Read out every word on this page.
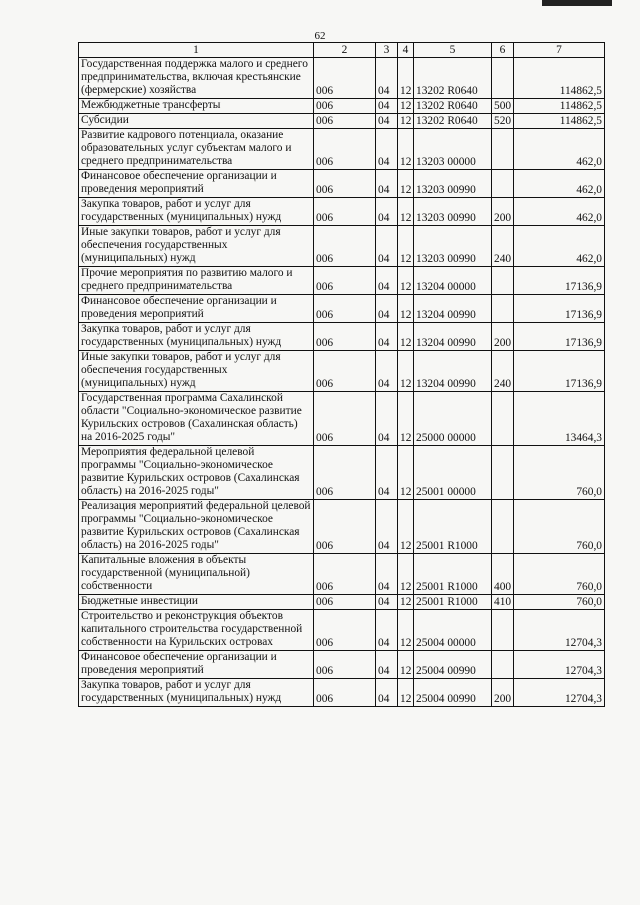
62
1	2	3	4	5	6	7
Государственная поддержка малого и среднего предпринимательства, включая крестьянские (фермерские) хозяйства	006	04	12	13202 R0640		114862,5
Межбюджетные трансферты	006	04	12	13202 R0640	500	114862,5
Субсидии	006	04	12	13202 R0640	520	114862,5
Развитие кадрового потенциала, оказание образовательных услуг субъектам малого и среднего предпринимательства	006	04	12	13203 00000		462,0
Финансовое обеспечение организации и проведения мероприятий	006	04	12	13203 00990		462,0
Закупка товаров, работ и услуг для государственных (муниципальных) нужд	006	04	12	13203 00990	200	462,0
Иные закупки товаров, работ и услуг для обеспечения государственных (муниципальных) нужд	006	04	12	13203 00990	240	462,0
Прочие мероприятия по развитию малого и среднего предпринимательства	006	04	12	13204 00000		17136,9
Финансовое обеспечение организации и проведения мероприятий	006	04	12	13204 00990		17136,9
Закупка товаров, работ и услуг для государственных (муниципальных) нужд	006	04	12	13204 00990	200	17136,9
Иные закупки товаров, работ и услуг для обеспечения государственных (муниципальных) нужд	006	04	12	13204 00990	240	17136,9
Государственная программа Сахалинской области "Социально-экономическое развитие Курильских островов (Сахалинская область) на 2016-2025 годы"	006	04	12	25000 00000		13464,3
Мероприятия федеральной целевой программы "Социально-экономическое развитие Курильских островов (Сахалинская область) на 2016-2025 годы"	006	04	12	25001 00000		760,0
Реализация мероприятий федеральной целевой программы "Социально-экономическое развитие Курильских островов (Сахалинская область) на 2016-2025 годы"	006	04	12	25001 R1000		760,0
Капитальные вложения в объекты государственной (муниципальной) собственности	006	04	12	25001 R1000	400	760,0
Бюджетные инвестиции	006	04	12	25001 R1000	410	760,0
Строительство и реконструкция объектов капитального строительства государственной собственности на Курильских островах	006	04	12	25004 00000		12704,3
Финансовое обеспечение организации и проведения мероприятий	006	04	12	25004 00990		12704,3
Закупка товаров, работ и услуг для государственных (муниципальных) нужд	006	04	12	25004 00990	200	12704,3
